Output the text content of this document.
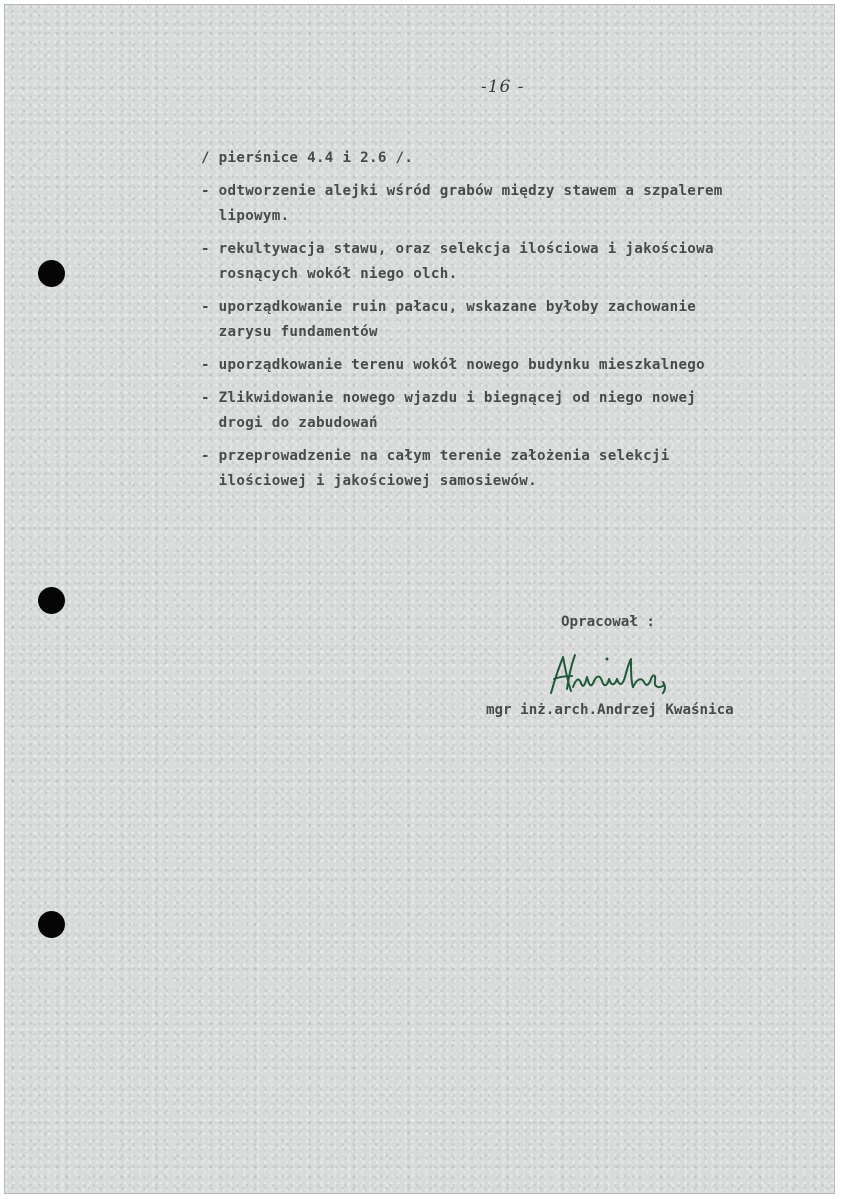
-16 -
/ pierśnice 4.4 i 2.6 /.
- odtworzenie alejki wśród grabów między stawem a szpalerem
lipowym.
- rekultywacja stawu, oraz selekcja ilościowa i jakościowa
rosnących wokół niego olch.
- uporządkowanie ruin pałacu, wskazane byłoby zachowanie
zarysu fundamentów
- uporządkowanie terenu wokół nowego budynku mieszkalnego
- Zlikwidowanie nowego wjazdu i biegnącej od niego nowej
drogi do zabudowań
- przeprowadzenie na całym terenie założenia selekcji
ilościowej i jakościowej samosiewów.
Opracował :
mgr inż.arch.Andrzej Kwaśnica
